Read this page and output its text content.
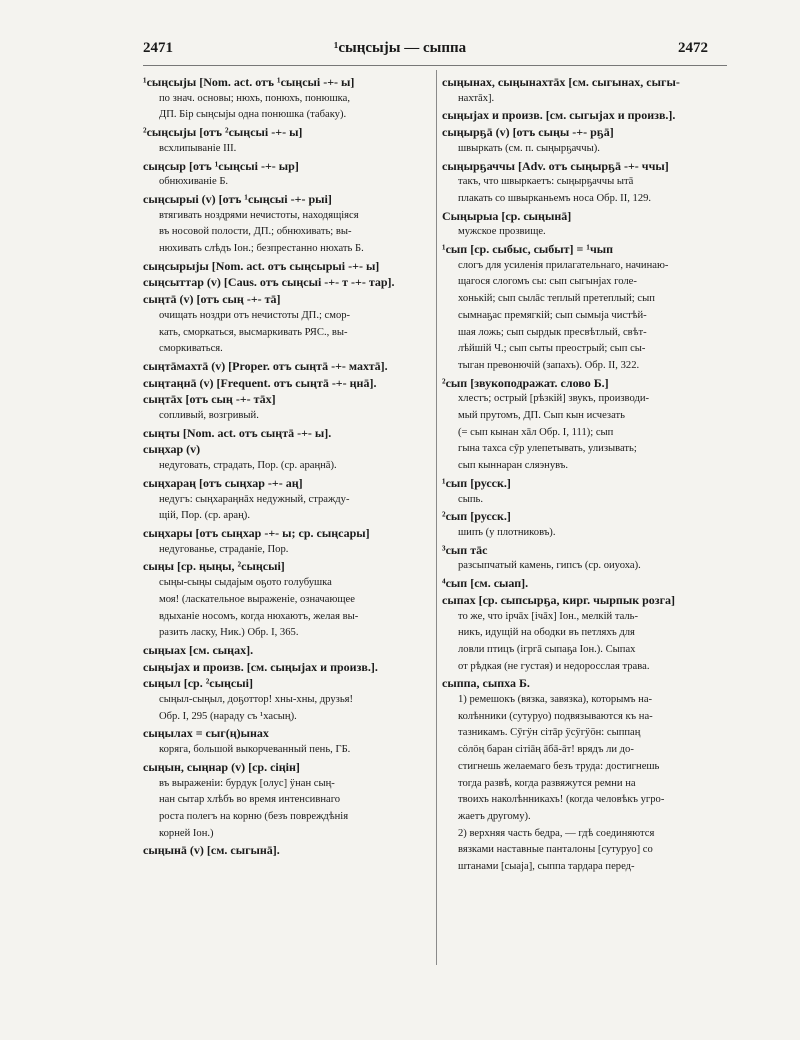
2471	¹сыңсыјы — сыппа	2472
¹сыңсыјы [Nom. act. отъ ¹сыңсыі -+- ы]
по знач. основы; нюхъ, понюхъ, понюшка,
ДП. Бір сыңсыјы одна понюшка (табаку).
²сыңсыјы [отъ ²сыңсыі -+- ы]
всхлипываніе III.
сыңсыр [отъ ¹сыңсыі -+- ыр]
обнюхиваніе Б.
сыңсырыі (v) [отъ ¹сыңсыі -+- рыі]
втягивать ноздрями нечистоты, находящіяся
въ носовой полости, ДП.; обнюхивать; вы-
нюхивать слѣдъ Іон.; безпрестанно нюхать Б.
сыңсырыјы [Nom. act. отъ сыңсырыі -+- ы]
сыңсыттар (v) [Caus. отъ сыңсыі -+- т -+- тар].
сыңтā (v) [отъ сың -+- тā]
очищать ноздри отъ нечистоты ДП.; смор-
кать, сморкаться, высмаркивать РЯС., вы-
сморкиваться.
сыңтāмахтā (v) [Proper. отъ сыңтā -+- махтā].
сыңтаңнā (v) [Frequent. отъ сыңтā -+- ңнā].
сыңтāх [отъ сың -+- тāх]
сопливый, возгривый.
сыңты [Nom. act. отъ сыңтā -+- ы].
сыңхар (v)
недуговать, страдать, Пор. (ср. араңнā).
сыңхараң [отъ сыңхар -+- аң]
недугъ: сыңхараңнāх недужный, стражду-
щій, Пор. (ср. араң).
сыңхары [отъ сыңхар -+- ы; ср. сыңсары]
недугованье, страданіе, Пор.
сыңы [ср. ңыңы, ²сыңсыі]
сыңы-сыңы сыдајым оҕото голубушка
моя! (ласкательное выраженіе, означающее
вдыханіе носомъ, когда нюхаютъ, желая вы-
разить ласку, Ник.) Обр. I, 365.
сыңыах [см. сыңах].
сыңыјах и произв. [см. сыңыјах и произв.].
сыңыл [ср. ²сыңсыі]
сыңыл-сыңыл, доҕоттор! хны-хны, друзья!
Обр. I, 295 (нараду съ ¹хасың).
сыңылах = сыг(ң)ынах
коряга, большой выкорчеванный пень, ГБ.
сыңын, сыңнар (v) [ср. сіңін]
въ выраженіи: бурдук [олус] ӱнан сың-
нан сытар хлѣбъ во время интенсивнаго
роста полегъ на корню (безъ повреждѣнія
корней Іон.)
сыңынā (v) [см. сыгынā].
сыңынах, сыңынахтāх [см. сыгынах, сыгы-
нахтāх].
сыңыјах и произв. [см. сыгыјах и произв.].
сыңырҕā (v) [отъ сыңы -+- рҕā]
швыркать (см. п. сыңырҕаччы).
сыңырҕаччы [Adv. отъ сыңырҕā -+- ччы]
такъ, что швыркаетъ: сыңырҕаччы ытā
плакать со швырканьемъ носа Обр. II, 129.
Сыңырыа [ср. сыңынā]
мужское прозвище.
¹сып [ср. сыбыс, сыбыт] = ¹чып
слогъ для усиленія прилагательнаго, начинаю-
щагося слогомъ сы: сып сыгынјах голе-
хонькій; сып сылāс теплый претеплый; сып
сымнаҕас премягкій; сып сымыја чистѣй-
шая ложь; сып сырдык пресвѣтлый, свѣт-
лѣйшій Ч.; сып сыты преострый; сып сы-
тыган превонючій (запахъ). Обр. II, 322.
²сып [звукоподражат. слово Б.]
хлестъ; острый [рѣзкій] звукъ, производи-
мый прутомъ, ДП. Сып кын исчезать
(= сып кынан хāл Обр. I, 111); сып
гына тахса сӯр улепетывать, улизывать;
сып кыннаран сляэнувъ.
¹сып [русск.]
сыпь.
²сып [русск.]
шипъ (у плотниковъ).
³сып тāс
разсыпчатый камень, гипсъ (ср. оиуоха).
⁴сып [см. сыап].
сыпах [ср. сыпсырҕа, кирг. чырпык розга]
то же, что ірчāх [ічāх] Іон., мелкій таль-
никъ, идущій на ободки въ петляхъ для
ловли птицъ (ігргā сыпаҕа Іон.). Сыпах
от рѣдкая (не густая) и недоросслая трава.
сыппа, сыпха Б.
1) ремешокъ (вязка, завязка), которымъ на-
колѣнники (сутуруо) подвязываются къ на-
тазникамъ. Сӯгӱн сітāр ӱсӱгӱӧн: сыппаң
сӧлӧң баран сітіāң āбā-āт! врядъ ли до-
стигнешь желаемаго безъ труда: достигнешь
тогда развѣ, когда развяжутся ремни на
твоихъ наколѣнникахъ! (когда человѣкъ угро-
жаетъ другому).
2) верхняя часть бедра, — гдѣ соединяются
вязками наставные панталоны [сутуруо] со
штанами [сыаја], сыппа тардара перед-
